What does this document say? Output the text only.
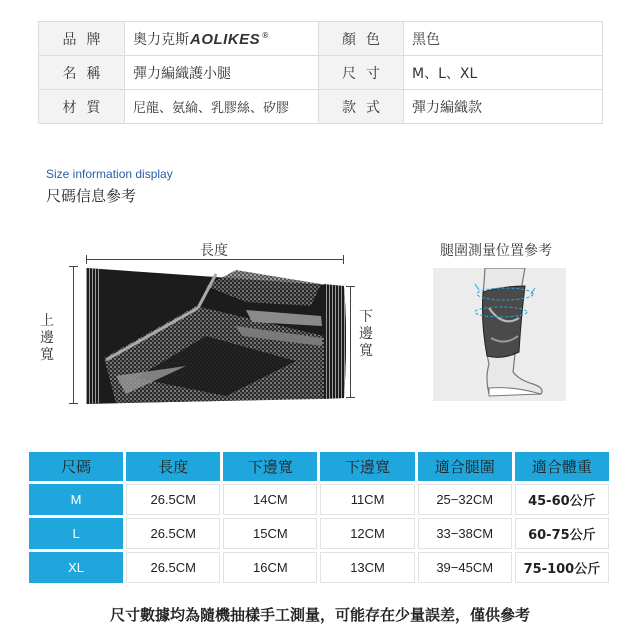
品牌	奧力克斯AOLIKES®	顏色	黑色
名稱	彈力編織護小腿	尺寸	M、L、XL
材質	尼龍、氨綸、乳膠絲、矽膠	款式	彈力編織款
Size information display
尺碼信息參考
長度
上邊寬
下邊寬
腿圍測量位置參考
尺碼	長度	下邊寬	下邊寬	適合腿圍	適合體重
M	26.5CM	14CM	11CM	25−32CM	45-60公斤
L	26.5CM	15CM	12CM	33−38CM	60-75公斤
XL	26.5CM	16CM	13CM	39−45CM	75-100公斤
尺寸數據均為隨機抽樣手工測量，可能存在少量誤差，僅供參考
